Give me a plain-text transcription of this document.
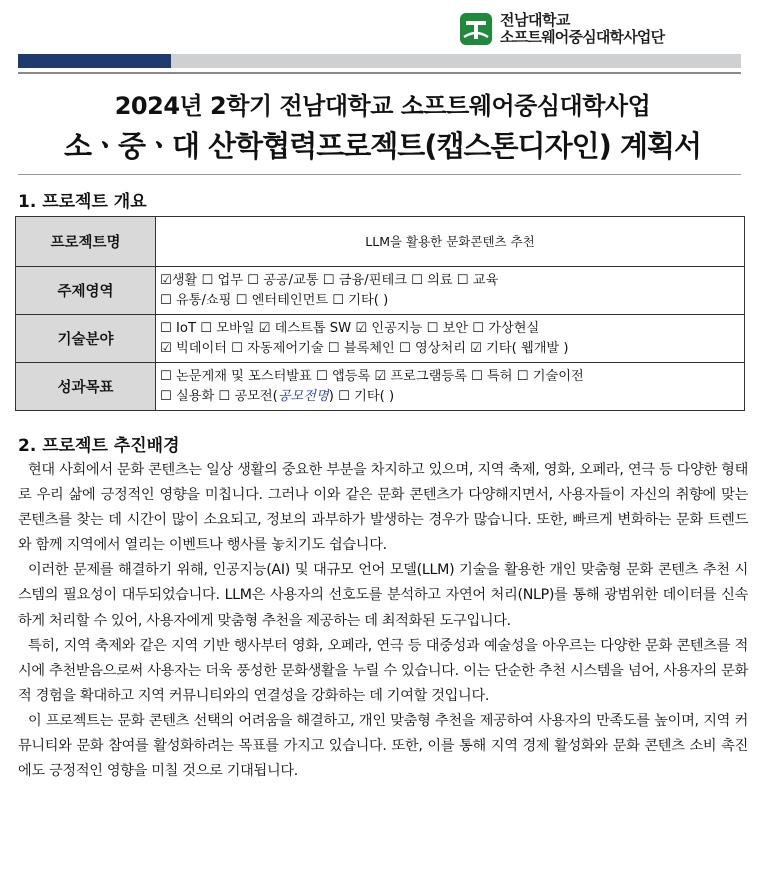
전남대학교
소프트웨어중심대학사업단
2024년 2학기 전남대학교 소프트웨어중심대학사업
소ㆍ중ㆍ대 산학협력프로젝트(캡스톤디자인) 계획서
1. 프로젝트 개요
프로젝트명	LLM을 활용한 문화콘텐츠 추천
주제영역	☑생활 ☐ 업무 ☐ 공공/교통 ☐ 금융/핀테크 ☐ 의료 ☐ 교육
☐ 유통/쇼핑 ☐ 엔터테인먼트 ☐ 기타( )

기술분야	☐ IoT ☐ 모바일 ☑ 데스트톱 SW ☑ 인공지능 ☐ 보안 ☐ 가상현실
☑ 빅데이터 ☐ 자동제어기술 ☐ 블록체인 ☐ 영상처리 ☑ 기타( 웹개발 )

성과목표	☐ 논문게재 및 포스터발표 ☐ 앱등록 ☑ 프로그램등록 ☐ 특허 ☐ 기술이전
☐ 실용화 ☐ 공모전(공모전명) ☐ 기타( )
2. 프로젝트 추진배경

현대 사회에서 문화 콘텐츠는 일상 생활의 중요한 부분을 차지하고 있으며, 지역 축제, 영화, 오페라, 연극 등 다양한 형태로 우리 삶에 긍정적인 영향을 미칩니다. 그러나 이와 같은 문화 콘텐츠가 다양해지면서, 사용자들이 자신의 취향에 맞는 콘텐츠를 찾는 데 시간이 많이 소요되고, 정보의 과부하가 발생하는 경우가 많습니다. 또한, 빠르게 변화하는 문화 트렌드와 함께 지역에서 열리는 이벤트나 행사를 놓치기도 쉽습니다.

이러한 문제를 해결하기 위해, 인공지능(AI) 및 대규모 언어 모델(LLM) 기술을 활용한 개인 맞춤형 문화 콘텐츠 추천 시스템의 필요성이 대두되었습니다. LLM은 사용자의 선호도를 분석하고 자연어 처리(NLP)를 통해 광범위한 데이터를 신속하게 처리할 수 있어, 사용자에게 맞춤형 추천을 제공하는 데 최적화된 도구입니다.

특히, 지역 축제와 같은 지역 기반 행사부터 영화, 오페라, 연극 등 대중성과 예술성을 아우르는 다양한 문화 콘텐츠를 적시에 추천받음으로써 사용자는 더욱 풍성한 문화생활을 누릴 수 있습니다. 이는 단순한 추천 시스템을 넘어, 사용자의 문화적 경험을 확대하고 지역 커뮤니티와의 연결성을 강화하는 데 기여할 것입니다.

이 프로젝트는 문화 콘텐츠 선택의 어려움을 해결하고, 개인 맞춤형 추천을 제공하여 사용자의 만족도를 높이며, 지역 커뮤니티와 문화 참여를 활성화하려는 목표를 가지고 있습니다. 또한, 이를 통해 지역 경제 활성화와 문화 콘텐츠 소비 촉진에도 긍정적인 영향을 미칠 것으로 기대됩니다.
